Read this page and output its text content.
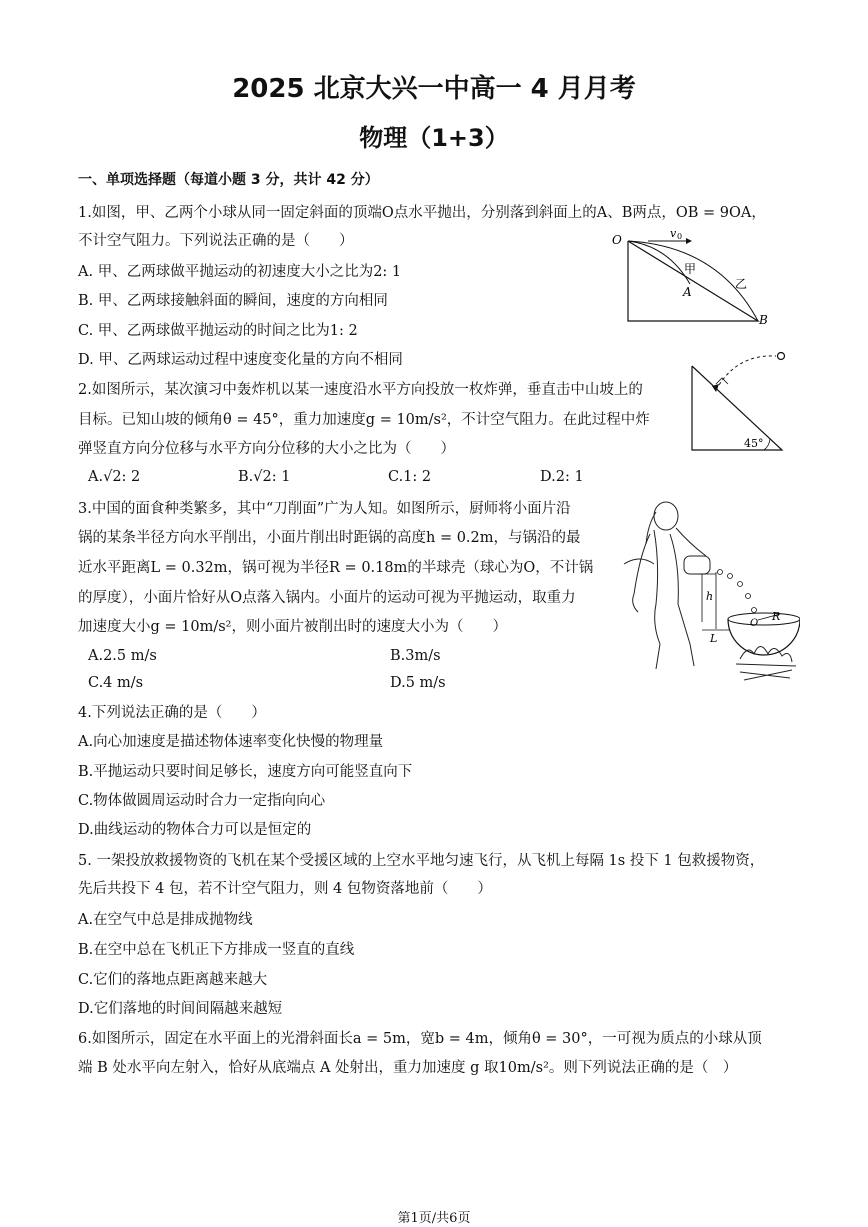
2025 北京大兴一中高一 4 月月考
物理（1+3）
一、单项选择题（每道小题 3 分，共计 42 分）
1.如图，甲、乙两个小球从同一固定斜面的顶端O点水平抛出，分别落到斜面上的A、B两点，OB = 9OA，
不计空气阻力。下列说法正确的是（　　）
A. 甲、乙两球做平抛运动的初速度大小之比为2: 1
B. 甲、乙两球接触斜面的瞬间，速度的方向相同
C. 甲、乙两球做平抛运动的时间之比为1: 2
D. 甲、乙两球运动过程中速度变化量的方向不相同
O	v 0
甲
A
乙
B
2.如图所示，某次演习中轰炸机以某一速度沿水平方向投放一枚炸弹，垂直击中山坡上的
目标。已知山坡的倾角θ = 45°，重力加速度g = 10m/s²，不计空气阻力。在此过程中炸
弹竖直方向分位移与水平方向分位移的大小之比为（　　）
A.√2: 2	B.√2: 1	C.1: 2	D.2: 1
45°
3.中国的面食种类繁多，其中“刀削面”广为人知。如图所示，厨师将小面片沿
锅的某条半径方向水平削出，小面片削出时距锅的高度h = 0.2m，与锅沿的最
近水平距离L = 0.32m，锅可视为半径R = 0.18m的半球壳（球心为O，不计锅
的厚度），小面片恰好从O点落入锅内。小面片的运动可视为平抛运动，取重力
加速度大小g = 10m/s²，则小面片被削出时的速度大小为（　　）
A.2.5 m/s	B.3m/s
C.4 m/s	D.5 m/s
h
L
O
R
4.下列说法正确的是（　　）
A.向心加速度是描述物体速率变化快慢的物理量
B.平抛运动只要时间足够长，速度方向可能竖直向下
C.物体做圆周运动时合力一定指向向心
D.曲线运动的物体合力可以是恒定的
5. 一架投放救援物资的飞机在某个受援区域的上空水平地匀速飞行，从飞机上每隔 1s 投下 1 包救援物资，
先后共投下 4 包，若不计空气阻力，则 4 包物资落地前（　　）
A.在空气中总是排成抛物线
B.在空中总在飞机正下方排成一竖直的直线
C.它们的落地点距离越来越大
D.它们落地的时间间隔越来越短
6.如图所示，固定在水平面上的光滑斜面长a = 5m，宽b = 4m，倾角θ = 30°，一可视为质点的小球从顶
端 B 处水平向左射入，恰好从底端点 A 处射出，重力加速度 g 取10m/s²。则下列说法正确的是（　）
第1页/共6页
